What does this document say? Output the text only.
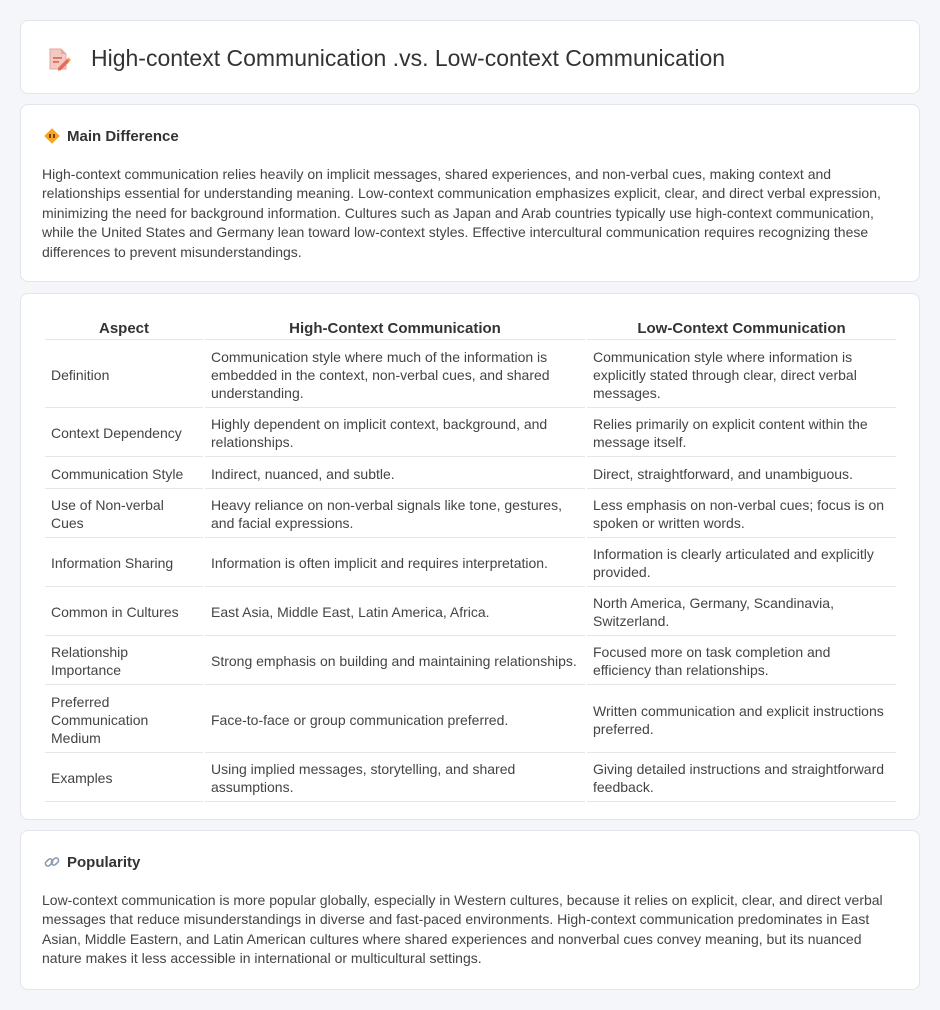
High-context Communication .vs. Low-context Communication
Main Difference

High-context communication relies heavily on implicit messages, shared experiences, and non-verbal cues, making context and relationships essential for understanding meaning. Low-context communication emphasizes explicit, clear, and direct verbal expression, minimizing the need for background information. Cultures such as Japan and Arab countries typically use high-context communication, while the United States and Germany lean toward low-context styles. Effective intercultural communication requires recognizing these differences to prevent misunderstandings.

Aspect	High-Context Communication	Low-Context Communication
Definition	Communication style where much of the information is embedded in the context, non-verbal cues, and shared understanding.	Communication style where information is explicitly stated through clear, direct verbal messages.
Context Dependency	Highly dependent on implicit context, background, and relationships.	Relies primarily on explicit content within the message itself.
Communication Style	Indirect, nuanced, and subtle.	Direct, straightforward, and unambiguous.
Use of Non-verbal Cues	Heavy reliance on non-verbal signals like tone, gestures, and facial expressions.	Less emphasis on non-verbal cues; focus is on spoken or written words.
Information Sharing	Information is often implicit and requires interpretation.	Information is clearly articulated and explicitly provided.
Common in Cultures	East Asia, Middle East, Latin America, Africa.	North America, Germany, Scandinavia, Switzerland.
Relationship Importance	Strong emphasis on building and maintaining relationships.	Focused more on task completion and efficiency than relationships.
Preferred Communication Medium	Face-to-face or group communication preferred.	Written communication and explicit instructions preferred.
Examples	Using implied messages, storytelling, and shared assumptions.	Giving detailed instructions and straightforward feedback.
Popularity

Low-context communication is more popular globally, especially in Western cultures, because it relies on explicit, clear, and direct verbal messages that reduce misunderstandings in diverse and fast-paced environments. High-context communication predominates in East Asian, Middle Eastern, and Latin American cultures where shared experiences and nonverbal cues convey meaning, but its nuanced nature makes it less accessible in international or multicultural settings.
